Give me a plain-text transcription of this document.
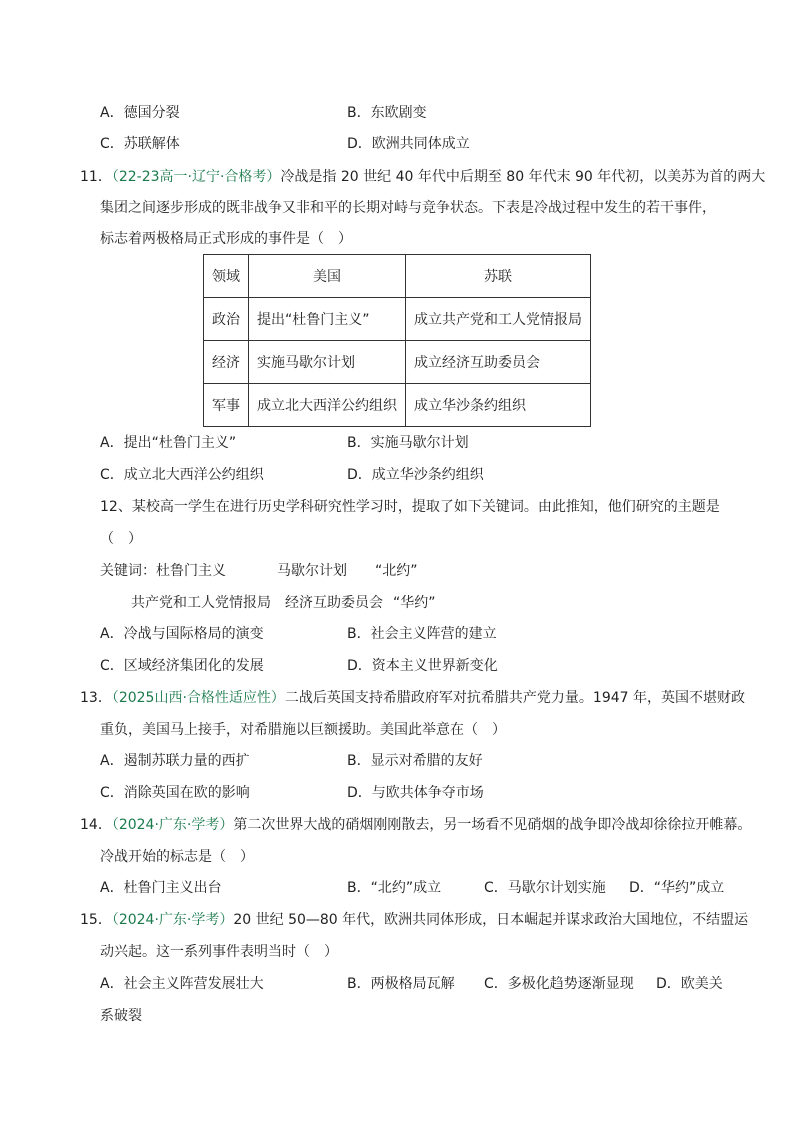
A．德国分裂	B．东欧剧变
C．苏联解体	D．欧洲共同体成立
11．（22-23高一·辽宁·合格考）冷战是指 20 世纪 40 年代中后期至 80 年代末 90 年代初，以美苏为首的两大
集团之间逐步形成的既非战争又非和平的长期对峙与竞争状态。下表是冷战过程中发生的若干事件，
标志着两极格局正式形成的事件是（　）
领域	美国	苏联
政治	提出“杜鲁门主义”	成立共产党和工人党情报局
经济	实施马歇尔计划	成立经济互助委员会
军事	成立北大西洋公约组织	成立华沙条约组织
A．提出“杜鲁门主义”	B．实施马歇尔计划
C．成立北大西洋公约组织	D．成立华沙条约组织
12、某校高一学生在进行历史学科研究性学习时，提取了如下关键词。由此推知，他们研究的主题是
（　）
关键词：杜鲁门主义	马歇尔计划 “北约”
共产党和工人党情报局 经济互助委员会 “华约”
A．冷战与国际格局的演变	B．社会主义阵营的建立
C．区域经济集团化的发展	D．资本主义世界新变化
13．（2025山西·合格性适应性）二战后英国支持希腊政府军对抗希腊共产党力量。1947 年，英国不堪财政
重负，美国马上接手，对希腊施以巨额援助。美国此举意在（　）
A．遏制苏联力量的西扩	B．显示对希腊的友好
C．消除英国在欧的影响	D．与欧共体争夺市场
14．（2024·广东·学考）第二次世界大战的硝烟刚刚散去，另一场看不见硝烟的战争即冷战却徐徐拉开帷幕。
冷战开始的标志是（　）
A．杜鲁门主义出台	B．“北约”成立	C．马歇尔计划实施 D．“华约”成立
15．（2024·广东·学考）20 世纪 50—80 年代，欧洲共同体形成，日本崛起并谋求政治大国地位，不结盟运
动兴起。这一系列事件表明当时（　）
A．社会主义阵营发展壮大	B．两极格局瓦解 C．多极化趋势逐渐显现 D．欧美关
系破裂
